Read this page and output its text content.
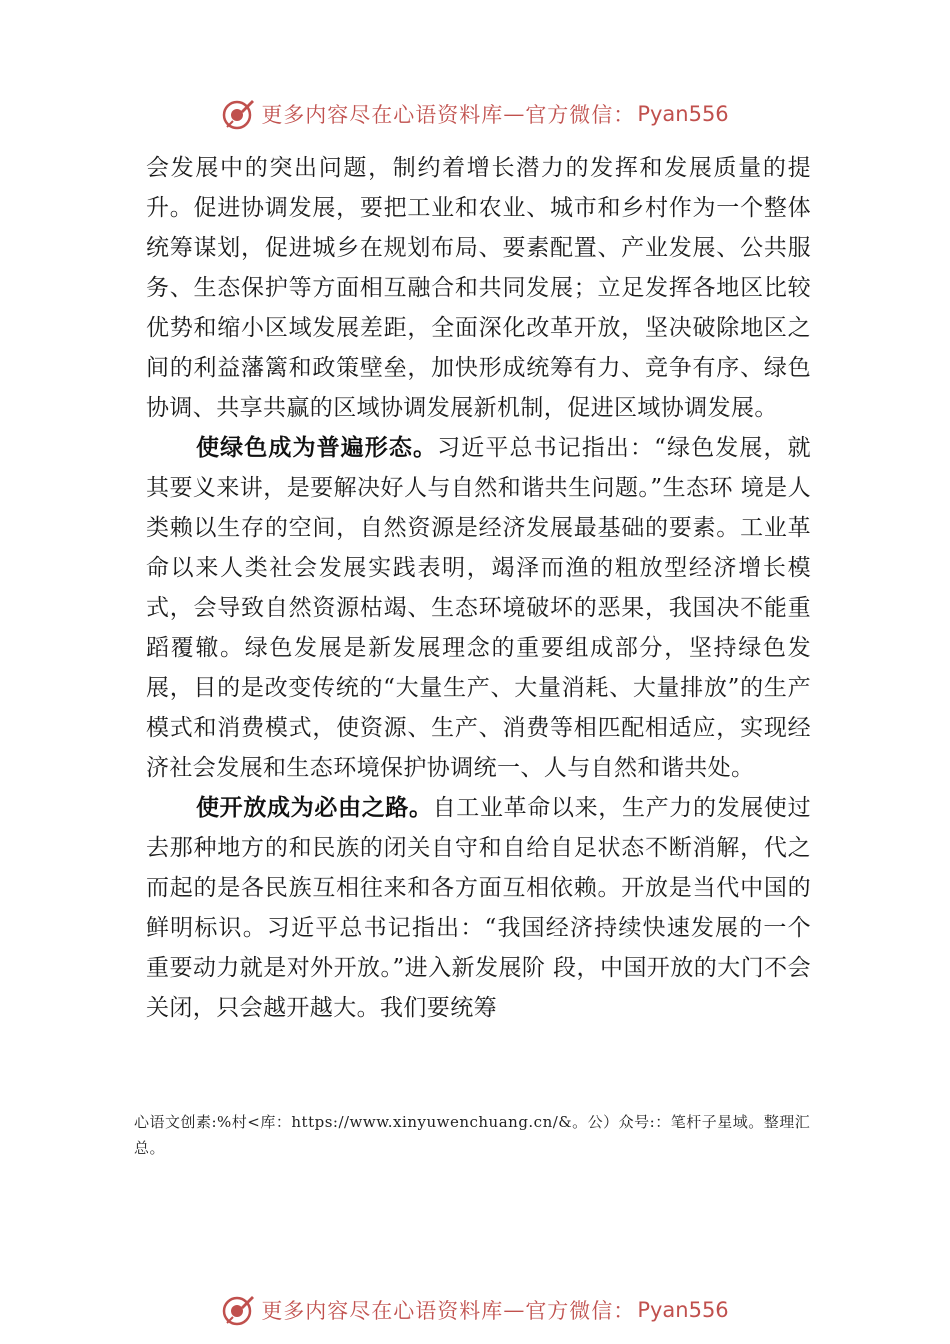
更多内容尽在心语资料库 — 官方微信： Pyan556

会发展中的突出问题，制约着增长潜力的发挥和发展质量的提升。促进协调发展，要把工业和农业、城市和乡村作为一个整体统筹谋划，促进城乡在规划布局、要素配置、产业发展、公共服务、生态保护等方面相互融合和共同发展；立足发挥各地区比较优势和缩小区域发展差距，全面深化改革开放，坚决破除地区之间的利益藩篱和政策壁垒，加快形成统筹有力、竞争有序、绿色协调、共享共赢的区域协调发展新机制，促进区域协调发展。

使绿色成为普遍形态。习近平总书记指出：“绿色发展，就其要义来讲，是要解决好人与自然和谐共生问题。”生态环 境是人类赖以生存的空间，自然资源是经济发展最基础的要素。工业革命以来人类社会发展实践表明，竭泽而渔的粗放型经济增长模式，会导致自然资源枯竭、生态环境破坏的恶果，我国决不能重蹈覆辙。绿色发展是新发展理念的重要组成部分，坚持绿色发展，目的是改变传统的“大量生产、大量消耗、大量排放”的生产模式和消费模式，使资源、生产、消费等相匹配相适应，实现经济社会发展和生态环境保护协调统一、人与自然和谐共处。

使开放成为必由之路。自工业革命以来，生产力的发展使过去那种地方的和民族的闭关自守和自给自足状态不断消解，代之而起的是各民族互相往来和各方面互相依赖。开放是当代中国的鲜明标识。习近平总书记指出：“我国经济持续快速发展的一个重要动力就是对外开放。”进入新发展阶 段，中国开放的大门不会关闭，只会越开越大。我们要统筹

心语文创素:%村<库：https://www.xinyuwenchuang.cn/&。公）众号:：笔杆子星域。整理汇总。
更多内容尽在心语资料库 — 官方微信： Pyan556
